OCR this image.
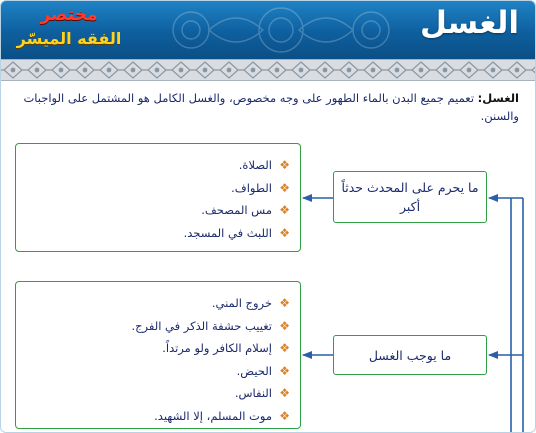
مختصر
الفقه الميسّر	الغسل

الغسل: تعميم جميع البدن بالماء الطهور على وجه مخصوص، والغسل الكامل هو المشتمل على الواجبات والسنن.

❖
الصلاة.
❖
الطواف.
❖
مس المصحف.
❖
اللبث في المسجد.
ما يحرم على المحدث حدثاً أكبر
❖
خروج المني.
❖
تغييب حشفة الذكر في الفرج.
❖
إسلام الكافر ولو مرتداً.
❖
الحيض.
❖
النفاس.
❖
موت المسلم، إلا الشهيد.
ما يوجب الغسل
